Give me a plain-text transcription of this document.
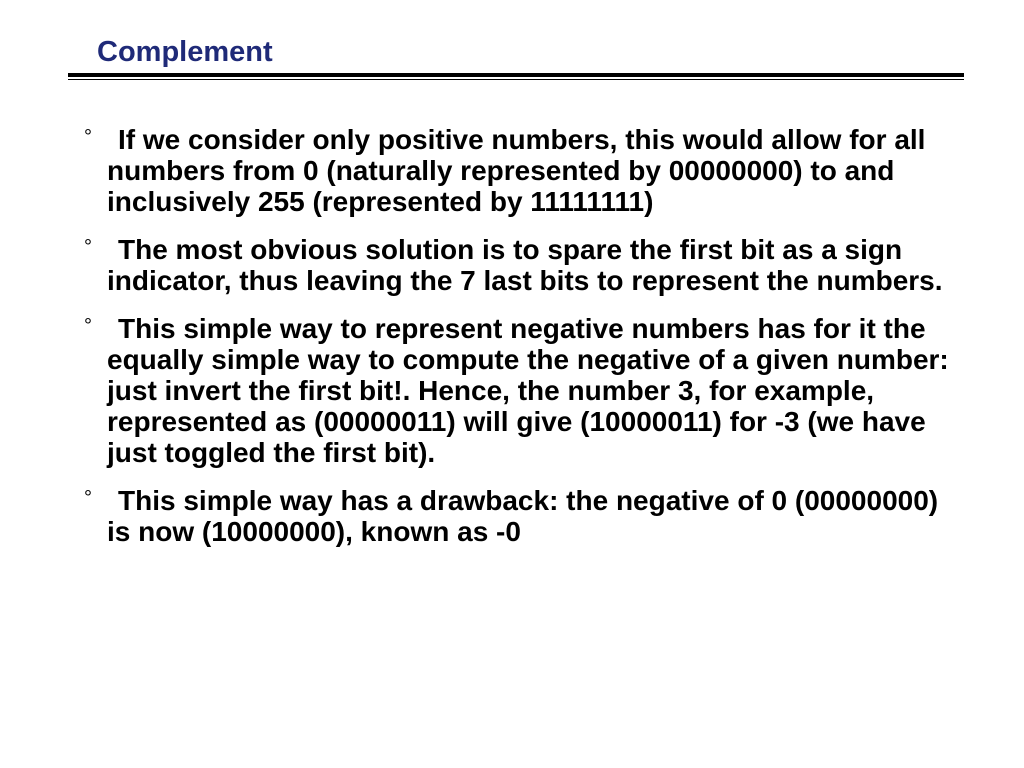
Complement
° If we consider only positive numbers, this would allow for all numbers from 0 (naturally represented by 00000000) to and inclusively 255 (represented by 11111111)
° The most obvious solution is to spare the first bit as a sign indicator, thus leaving the 7 last bits to represent the numbers.
° This simple way to represent negative numbers has for it the equally simple way to compute the negative of a given number: just invert the first bit!. Hence, the number 3, for example, represented as (00000011) will give (10000011) for -3 (we have just toggled the first bit).
° This simple way has a drawback: the negative of 0 (00000000) is now (10000000), known as -0
